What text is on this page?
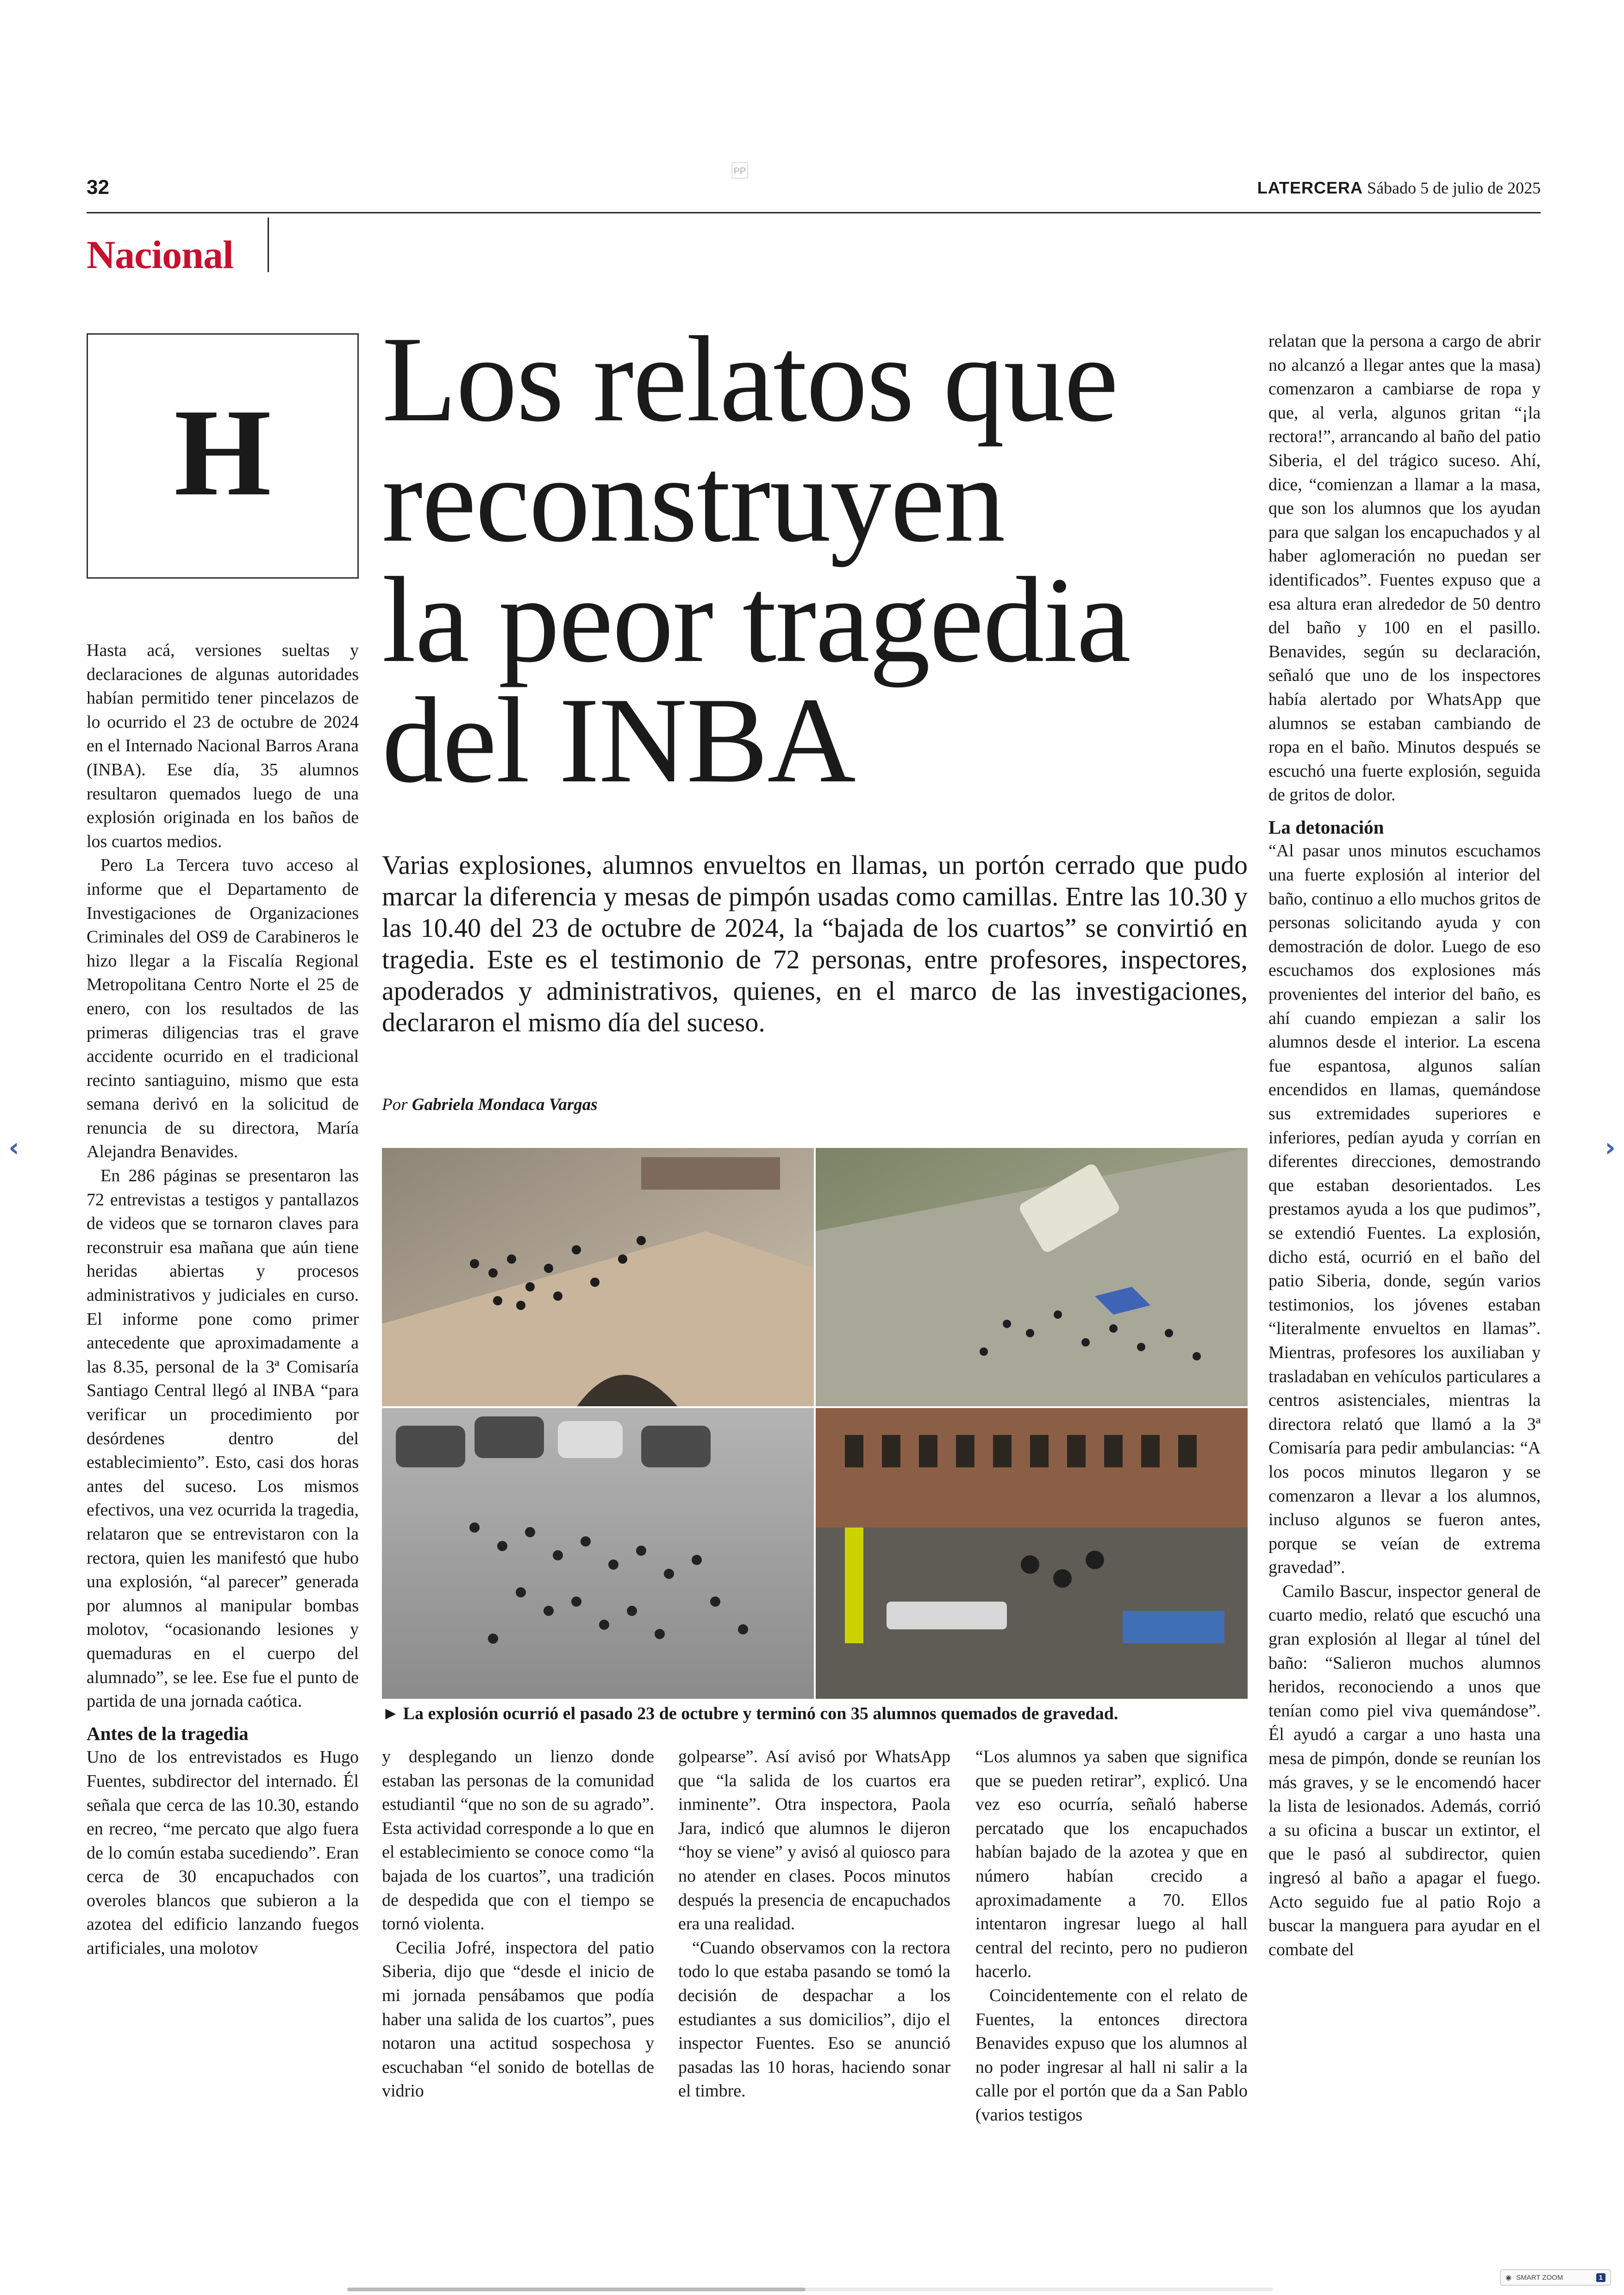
32
PP
LATERCERA Sábado 5 de julio de 2025
Nacional
H
Los relatos que
reconstruyen
la peor tragedia
del INBA
Varias explosiones, alumnos envueltos en llamas, un portón cerrado que pudo marcar la diferencia y mesas de pimpón usadas como camillas. Entre las 10.30 y las 10.40 del 23 de octubre de 2024, la “bajada de los cuartos” se convirtió en tragedia. Este es el testimonio de 72 personas, entre profesores, inspectores, apoderados y administrativos, quienes, en el marco de las investigaciones, declararon el mismo día del suceso.
Por Gabriela Mondaca Vargas
► La explosión ocurrió el pasado 23 de octubre y terminó con 35 alumnos quemados de gravedad.

Hasta acá, versiones sueltas y declaraciones de algunas autoridades habían permitido tener pincelazos de lo ocurrido el 23 de octubre de 2024 en el Internado Nacional Barros Arana (INBA). Ese día, 35 alumnos resultaron quemados luego de una explosión originada en los baños de los cuartos medios.

Pero La Tercera tuvo acceso al informe que el Departamento de Investigaciones de Organizaciones Criminales del OS9 de Carabineros le hizo llegar a la Fiscalía Regional Metropolitana Centro Norte el 25 de enero, con los resultados de las primeras diligencias tras el grave accidente ocurrido en el tradicional recinto santiaguino, mismo que esta semana derivó en la solicitud de renuncia de su directora, María Alejandra Benavides.

En 286 páginas se presentaron las 72 entrevistas a testigos y pantallazos de videos que se tornaron claves para reconstruir esa mañana que aún tiene heridas abiertas y procesos administrativos y judiciales en curso. El informe pone como primer antecedente que aproximadamente a las 8.35, personal de la 3ª Comisaría Santiago Central llegó al INBA “para verificar un procedimiento por desórdenes dentro del establecimiento”. Esto, casi dos horas antes del suceso. Los mismos efectivos, una vez ocurrida la tragedia, relataron que se entrevistaron con la rectora, quien les manifestó que hubo una explosión, “al parecer” generada por alumnos al manipular bombas molotov, “ocasionando lesiones y quemaduras en el cuerpo del alumnado”, se lee. Ese fue el punto de partida de una jornada caótica.

Antes de la tragedia

Uno de los entrevistados es Hugo Fuentes, subdirector del internado. Él señala que cerca de las 10.30, estando en recreo, “me percato que algo fuera de lo común estaba sucediendo”. Eran cerca de 30 encapuchados con overoles blancos que subieron a la azotea del edificio lanzando fuegos artificiales, una molotov

y desplegando un lienzo donde estaban las personas de la comunidad estudiantil “que no son de su agrado”. Esta actividad corresponde a lo que en el establecimiento se conoce como “la bajada de los cuartos”, una tradición de despedida que con el tiempo se tornó violenta.

Cecilia Jofré, inspectora del patio Siberia, dijo que “desde el inicio de mi jornada pensábamos que podía haber una salida de los cuartos”, pues notaron una actitud sospechosa y escuchaban “el sonido de botellas de vidrio

golpearse”. Así avisó por WhatsApp que “la salida de los cuartos era inminente”. Otra inspectora, Paola Jara, indicó que alumnos le dijeron “hoy se viene” y avisó al quiosco para no atender en clases. Pocos minutos después la presencia de encapuchados era una realidad.

“Cuando observamos con la rectora todo lo que estaba pasando se tomó la decisión de despachar a los estudiantes a sus domicilios”, dijo el inspector Fuentes. Eso se anunció pasadas las 10 horas, haciendo sonar el timbre.

“Los alumnos ya saben que significa que se pueden retirar”, explicó. Una vez eso ocurría, señaló haberse percatado que los encapuchados habían bajado de la azotea y que en número habían crecido a aproximadamente a 70. Ellos intentaron ingresar luego al hall central del recinto, pero no pudieron hacerlo.

Coincidentemente con el relato de Fuentes, la entonces directora Benavides expuso que los alumnos al no poder ingresar al hall ni salir a la calle por el portón que da a San Pablo (varios testigos

relatan que la persona a cargo de abrir no alcanzó a llegar antes que la masa) comenzaron a cambiarse de ropa y que, al verla, algunos gritan “¡la rectora!”, arrancando al baño del patio Siberia, el del trágico suceso. Ahí, dice, “comienzan a llamar a la masa, que son los alumnos que los ayudan para que salgan los encapuchados y al haber aglomeración no puedan ser identificados”. Fuentes expuso que a esa altura eran alrededor de 50 dentro del baño y 100 en el pasillo. Benavides, según su declaración, señaló que uno de los inspectores había alertado por WhatsApp que alumnos se estaban cambiando de ropa en el baño. Minutos después se escuchó una fuerte explosión, seguida de gritos de dolor.

La detonación

“Al pasar unos minutos escuchamos una fuerte explosión al interior del baño, continuo a ello muchos gritos de personas solicitando ayuda y con demostración de dolor. Luego de eso escuchamos dos explosiones más provenientes del interior del baño, es ahí cuando empiezan a salir los alumnos desde el interior. La escena fue espantosa, algunos salían encendidos en llamas, quemándose sus extremidades superiores e inferiores, pedían ayuda y corrían en diferentes direcciones, demostrando que estaban desorientados. Les prestamos ayuda a los que pudimos”, se extendió Fuentes. La explosión, dicho está, ocurrió en el baño del patio Siberia, donde, según varios testimonios, los jóvenes estaban “literalmente envueltos en llamas”. Mientras, profesores los auxiliaban y trasladaban en vehículos particulares a centros asistenciales, mientras la directora relató que llamó a la 3ª Comisaría para pedir ambulancias: “A los pocos minutos llegaron y se comenzaron a llevar a los alumnos, incluso algunos se fueron antes, porque se veían de extrema gravedad”.

Camilo Bascur, inspector general de cuarto medio, relató que escuchó una gran explosión al llegar al túnel del baño: “Salieron muchos alumnos heridos, reconociendo a unos que tenían como piel viva quemándose”. Él ayudó a cargar a uno hasta una mesa de pimpón, donde se reunían los más graves, y se le encomendó hacer la lista de lesionados. Además, corrió a su oficina a buscar un extintor, el que le pasó al subdirector, quien ingresó al baño a apagar el fuego. Acto seguido fue al patio Rojo a buscar la manguera para ayudar en el combate del

‹	›
◉ SMART ZOOM	1
